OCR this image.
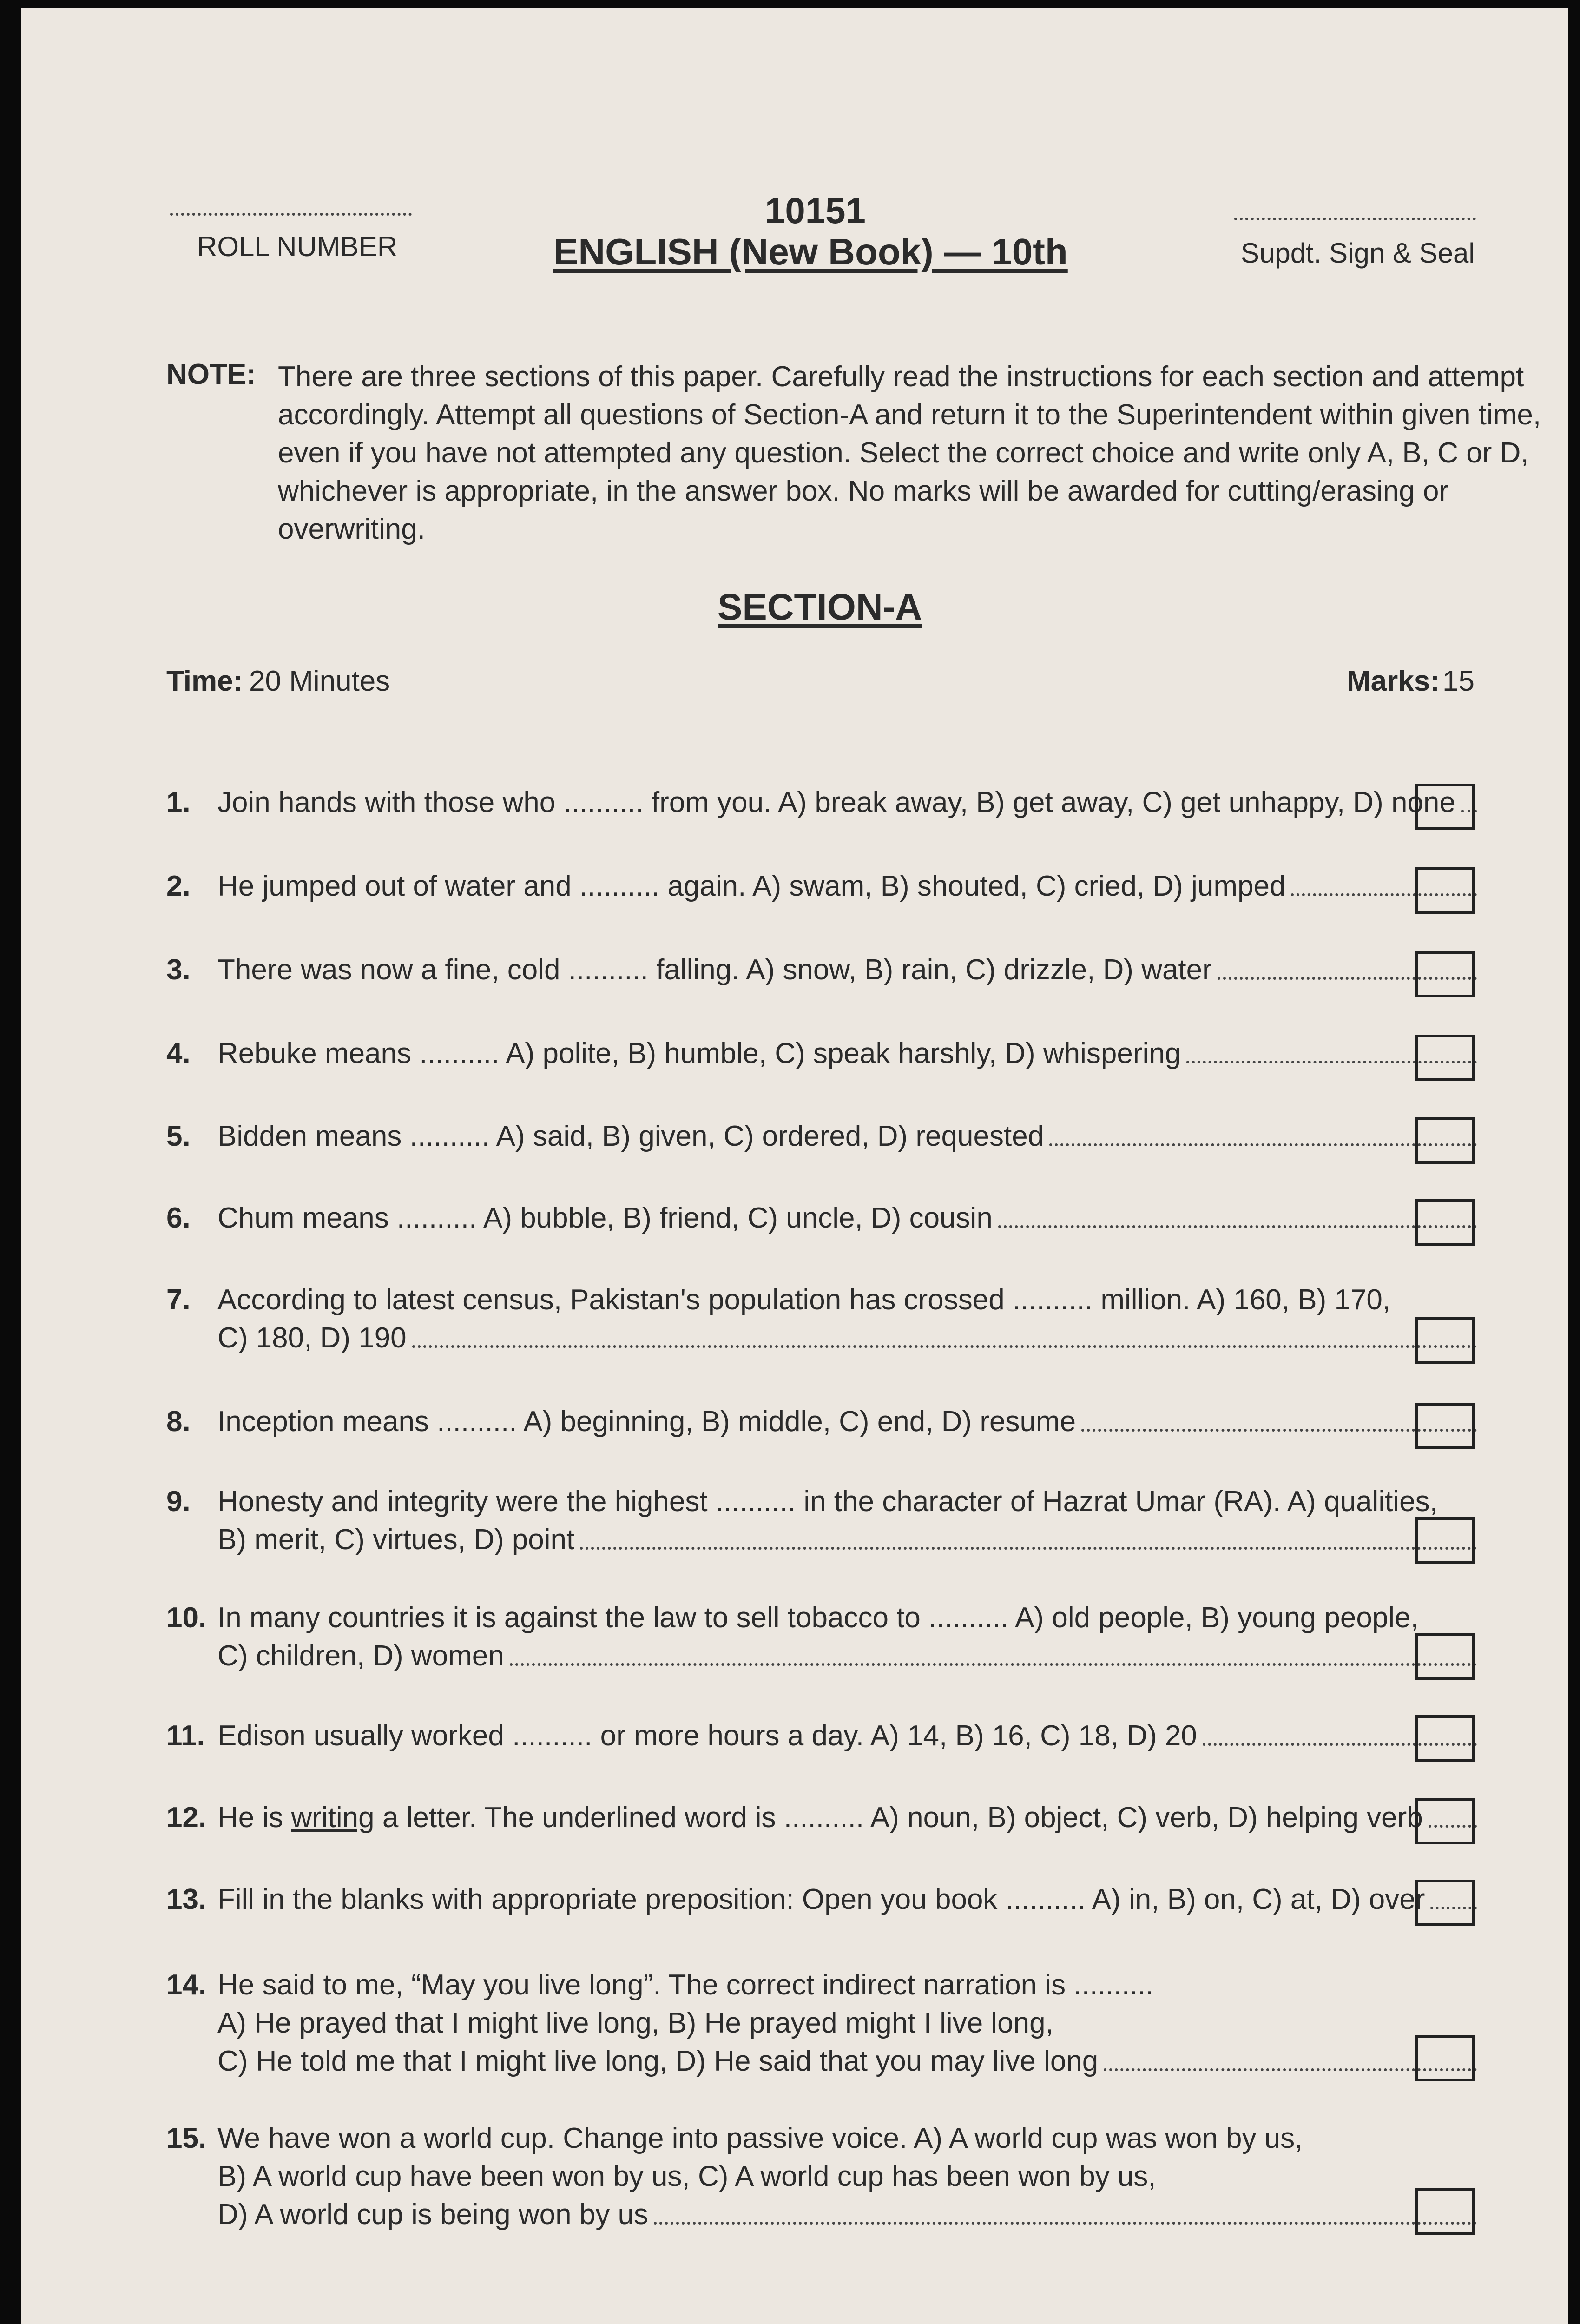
ROLL NUMBER
10151
ENGLISH (New Book) — 10th	Supdt. Sign & Seal
NOTE: There are three sections of this paper. Carefully read the instructions for each section and attempt accordingly. Attempt all questions of Section-A and return it to the Superintendent within given time, even if you have not attempted any question. Select the correct choice and write only A, B, C or D, whichever is appropriate, in the answer box. No marks will be awarded for cutting/erasing or overwriting.
SECTION-A
Time: 20 Minutes	Marks: 15
1. Join hands with those who .......... from you. A) break away, B) get away, C) get unhappy, D) none
2. He jumped out of water and .......... again. A) swam, B) shouted, C) cried, D) jumped
3. There was now a fine, cold .......... falling. A) snow, B) rain, C) drizzle, D) water
4. Rebuke means .......... A) polite, B) humble, C) speak harshly, D) whispering
5. Bidden means .......... A) said, B) given, C) ordered, D) requested
6. Chum means .......... A) bubble, B) friend, C) uncle, D) cousin
7. According to latest census, Pakistan's population has crossed .......... million. A) 160, B) 170,
C) 180, D) 190
8. Inception means .......... A) beginning, B) middle, C) end, D) resume
9. Honesty and integrity were the highest .......... in the character of Hazrat Umar (RA). A) qualities,
B) merit, C) virtues, D) point
10. In many countries it is against the law to sell tobacco to .......... A) old people, B) young people,
C) children, D) women
11. Edison usually worked .......... or more hours a day. A) 14, B) 16, C) 18, D) 20
12. He is writing a letter. The underlined word is .......... A) noun, B) object, C) verb, D) helping verb
13. Fill in the blanks with appropriate preposition: Open you book .......... A) in, B) on, C) at, D) over
14. He said to me, “May you live long”. The correct indirect narration is ..........
A) He prayed that I might live long, B) He prayed might I live long,
C) He told me that I might live long, D) He said that you may live long
15. We have won a world cup. Change into passive voice. A) A world cup was won by us,
B) A world cup have been won by us, C) A world cup has been won by us,
D) A world cup is being won by us
